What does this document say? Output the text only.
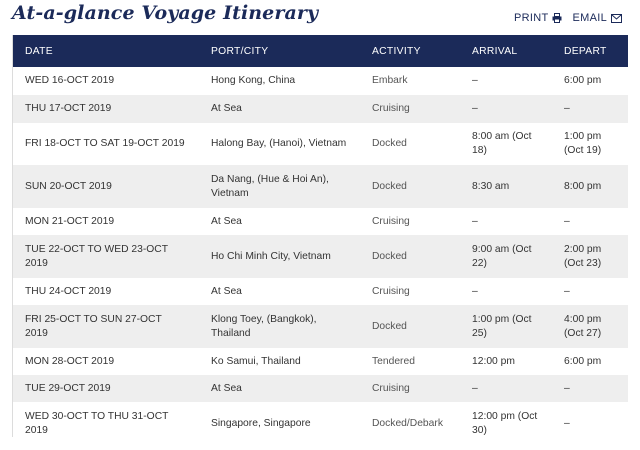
At-a-glance Voyage Itinerary	PRINT EMAIL
DATE	PORT/CITY	ACTIVITY	ARRIVAL	DEPART
WED 16-OCT 2019	Hong Kong, China	Embark	–	6:00 pm
THU 17-OCT 2019	At Sea	Cruising	–	–
FRI 18-OCT TO SAT 19-OCT 2019	Halong Bay, (Hanoi), Vietnam	Docked	8:00 am (Oct 18)	1:00 pm (Oct 19)
SUN 20-OCT 2019	Da Nang, (Hue & Hoi An), Vietnam	Docked	8:30 am	8:00 pm
MON 21-OCT 2019	At Sea	Cruising	–	–
TUE 22-OCT TO WED 23-OCT 2019	Ho Chi Minh City, Vietnam	Docked	9:00 am (Oct 22)	2:00 pm (Oct 23)
THU 24-OCT 2019	At Sea	Cruising	–	–
FRI 25-OCT TO SUN 27-OCT 2019	Klong Toey, (Bangkok), Thailand	Docked	1:00 pm (Oct 25)	4:00 pm (Oct 27)
MON 28-OCT 2019	Ko Samui, Thailand	Tendered	12:00 pm	6:00 pm
TUE 29-OCT 2019	At Sea	Cruising	–	–
WED 30-OCT TO THU 31-OCT 2019	Singapore, Singapore	Docked/Debark	12:00 pm (Oct 30)	–
